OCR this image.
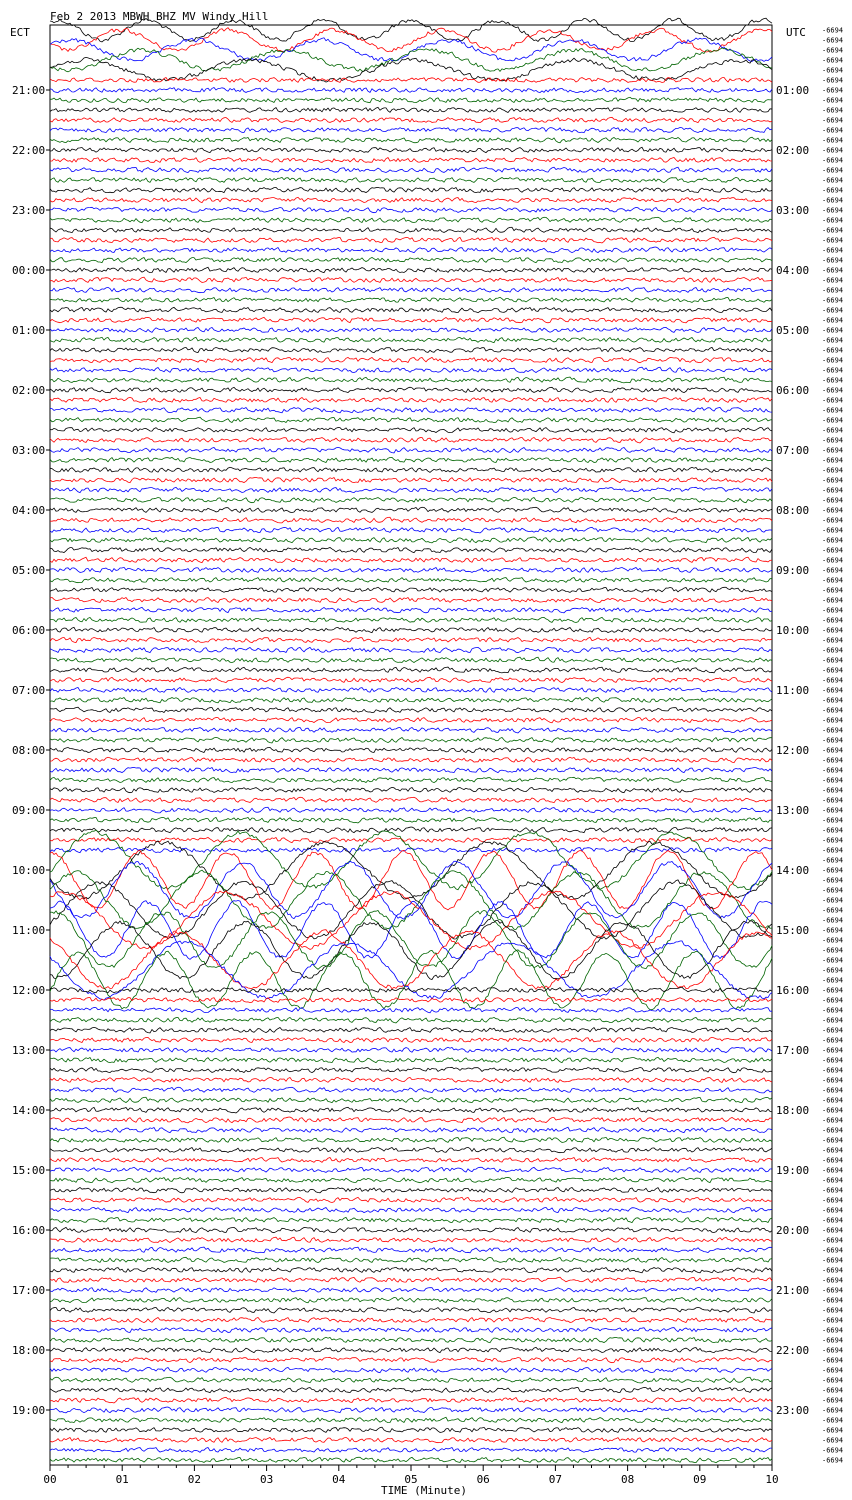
Feb 2 2013 MBWH BHZ MV Windy Hill
ECT	UTC
21:00
22:00
23:00
00:00
01:00
02:00
03:00
04:00
05:00
06:00
07:00
08:00
09:00
10:00
11:00
12:00
13:00
14:00
15:00
16:00
17:00
18:00
19:00
01:00
02:00
03:00
04:00
05:00
06:00
07:00
08:00
09:00
10:00
11:00
12:00
13:00
14:00
15:00
16:00
17:00
18:00
19:00
20:00
21:00
22:00
23:00
-6694
-6694
-6694
-6694
-6694
-6694
-6694
-6694
-6694
-6694
-6694
-6694
-6694
-6694
-6694
-6694
-6694
-6694
-6694
-6694
-6694
-6694
-6694
-6694
-6694
-6694
-6694
-6694
-6694
-6694
-6694
-6694
-6694
-6694
-6694
-6694
-6694
-6694
-6694
-6694
-6694
-6694
-6694
-6694
-6694
-6694
-6694
-6694
-6694
-6694
-6694
-6694
-6694
-6694
-6694
-6694
-6694
-6694
-6694
-6694
-6694
-6694
-6694
-6694
-6694
-6694
-6694
-6694
-6694
-6694
-6694
-6694
-6694
-6694
-6694
-6694
-6694
-6694
-6694
-6694
-6694
-6694
-6694
-6694
-6694
-6694
-6694
-6694
-6694
-6694
-6694
-6694
-6694
-6694
-6694
-6694
-6694
-6694
-6694
-6694
-6694
-6694
-6694
-6694
-6694
-6694
-6694
-6694
-6694
-6694
-6694
-6694
-6694
-6694
-6694
-6694
-6694
-6694
-6694
-6694
-6694
-6694
-6694
-6694
-6694
-6694
-6694
-6694
-6694
-6694
-6694
-6694
-6694
-6694
-6694
-6694
-6694
-6694
-6694
-6694
-6694
-6694
-6694
-6694
00	01	02	03	04	05	06	07	08	09	10
TIME (Minute)
